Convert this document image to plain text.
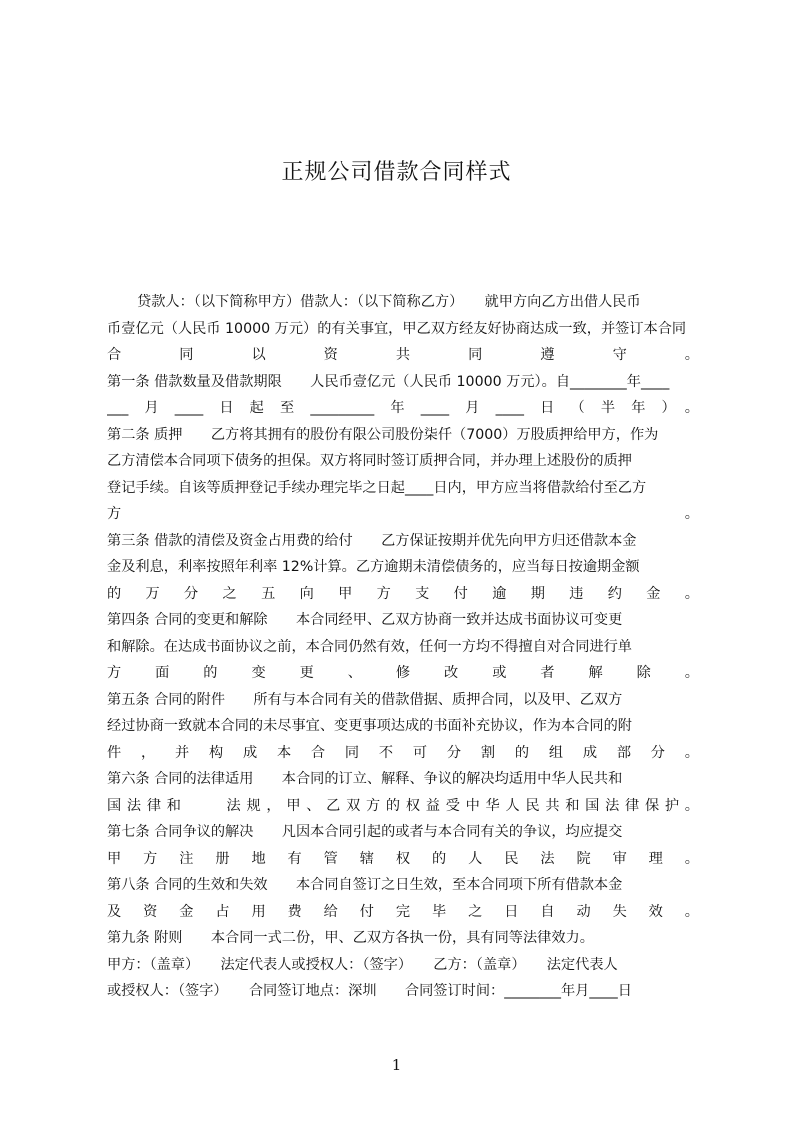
正规公司借款合同样式
贷款人：（以下简称甲方）借款人：（以下简称乙方）　　就甲方向乙方出借人民币
币壹亿元（人民币 10000 万元）的有关事宜，甲乙双方经友好协商达成一致，并签订本合同
合同以资共同遵守。
第一条 借款数量及借款期限　　人民币壹亿元（人民币 10000 万元）。自________年____
___月____日起至_________年____月____日（半年）。
第二条 质押　　乙方将其拥有的股份有限公司股份柒仟（7000）万股质押给甲方，作为
乙方清偿本合同项下债务的担保。双方将同时签订质押合同，并办理上述股份的质押
登记手续。自该等质押登记手续办理完毕之日起____日内，甲方应当将借款给付至乙方
方。
第三条 借款的清偿及资金占用费的给付　　乙方保证按期并优先向甲方归还借款本金
金及利息，利率按照年利率 12%计算。乙方逾期未清偿债务的，应当每日按逾期金额
的万分之五向甲方支付逾期违约金。
第四条 合同的变更和解除　　本合同经甲、乙双方协商一致并达成书面协议可变更
和解除。在达成书面协议之前，本合同仍然有效，任何一方均不得擅自对合同进行单
方面的变更、修改或者解除。
第五条 合同的附件　　所有与本合同有关的借款借据、质押合同，以及甲、乙双方
经过协商一致就本合同的未尽事宜、变更事项达成的书面补充协议，作为本合同的附
件，并构成本合同不可分割的组成部分。
第六条 合同的法律适用　　本合同的订立、解释、争议的解决均适用中华人民共和
国法律和　　法规，甲、乙双方的权益受中华人民共和国法律保护。
第七条 合同争议的解决　　凡因本合同引起的或者与本合同有关的争议，均应提交
甲方注册地有管辖权的人民法院审理。
第八条 合同的生效和失效　　本合同自签订之日生效，至本合同项下所有借款本金
及资金占用费给付完毕之日自动失效。
第九条 附则　　本合同一式二份，甲、乙双方各执一份，具有同等法律效力。
甲方：（盖章）　　法定代表人或授权人：（签字）　　乙方：（盖章）　　法定代表人
或授权人：（签字）　　合同签订地点：深圳　　合同签订时间：________年月____日
1
